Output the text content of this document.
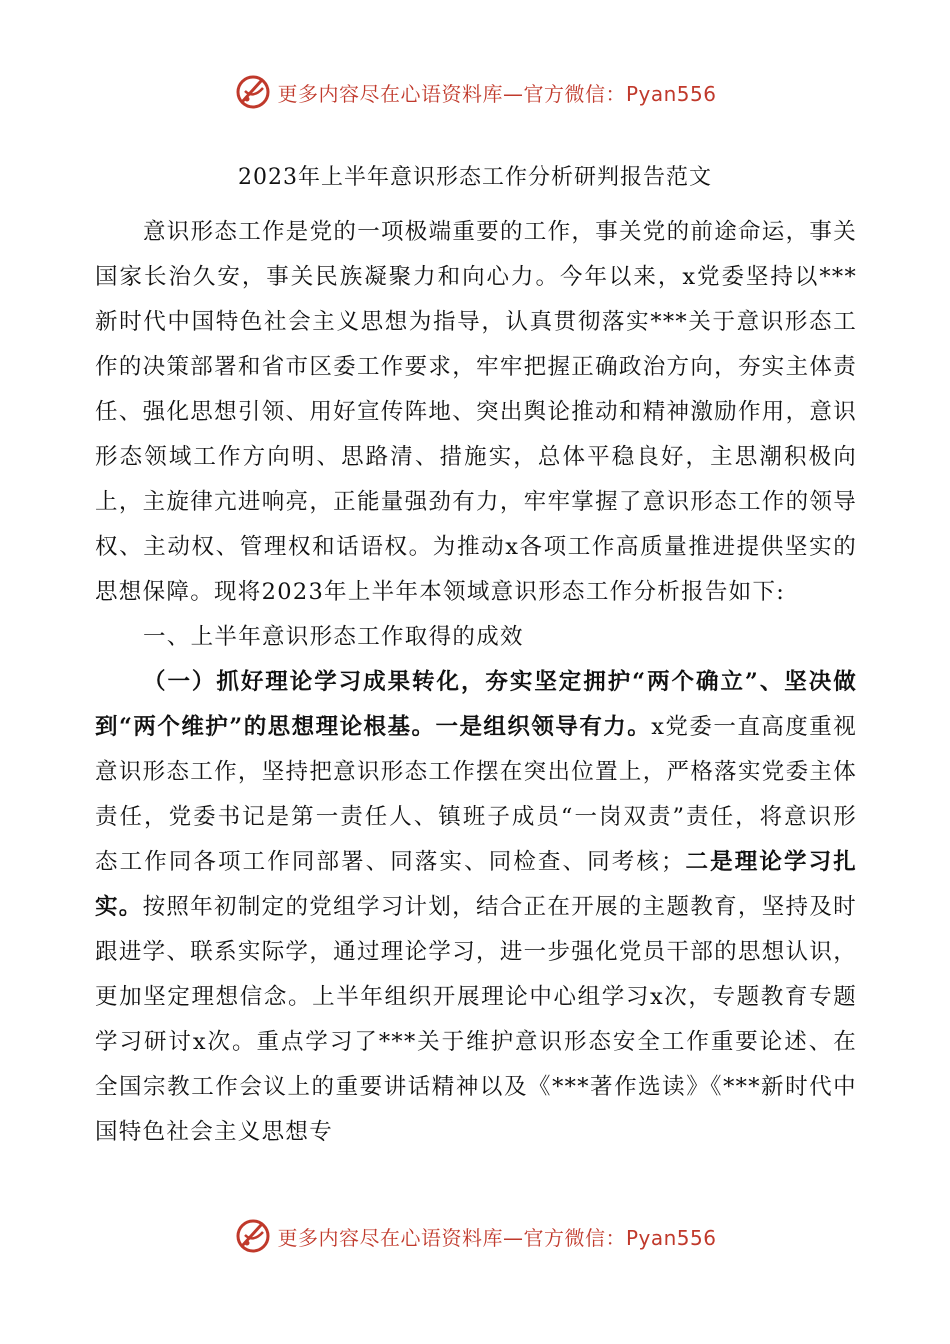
更多内容尽在心语资料库—官方微信：Pyan556
2023年上半年意识形态工作分析研判报告范文

意识形态工作是党的一项极端重要的工作，事关党的前途命运，事关国家长治久安，事关民族凝聚力和向心力。今年以来，x党委坚持以***新时代中国特色社会主义思想为指导，认真贯彻落实***关于意识形态工作的决策部署和省市区委工作要求，牢牢把握正确政治方向，夯实主体责任、强化思想引领、用好宣传阵地、突出舆论推动和精神激励作用，意识形态领域工作方向明、思路清、措施实，总体平稳良好，主思潮积极向上，主旋律亢进响亮，正能量强劲有力，牢牢掌握了意识形态工作的领导权、主动权、管理权和话语权。为推动x各项工作高质量推进提供坚实的思想保障。现将2023年上半年本领域意识形态工作分析报告如下:

一、上半年意识形态工作取得的成效

（一）抓好理论学习成果转化，夯实坚定拥护“两个确立”、坚决做到“两个维护”的思想理论根基。一是组织领导有力。x党委一直高度重视意识形态工作，坚持把意识形态工作摆在突出位置上，严格落实党委主体责任，党委书记是第一责任人、镇班子成员“一岗双责”责任，将意识形态工作同各项工作同部署、同落实、同检查、同考核；二是理论学习扎实。按照年初制定的党组学习计划，结合正在开展的主题教育，坚持及时跟进学、联系实际学，通过理论学习，进一步强化党员干部的思想认识，更加坚定理想信念。上半年组织开展理论中心组学习x次，专题教育专题学习研讨x次。重点学习了***关于维护意识形态安全工作重要论述、在全国宗教工作会议上的重要讲话精神以及《***著作选读》《***新时代中国特色社会主义思想专

更多内容尽在心语资料库—官方微信：Pyan556
